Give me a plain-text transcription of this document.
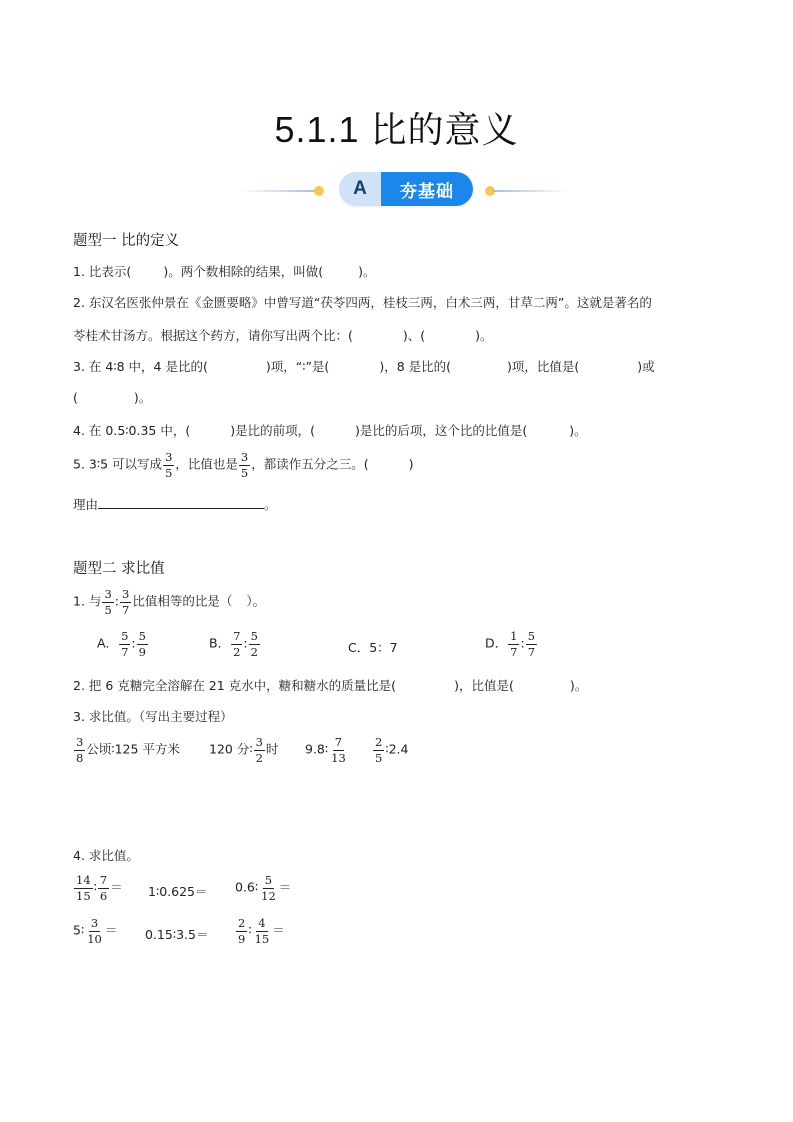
5.1.1 比的意义
A	夯基础
题型一 比的定义
1. 比表示(	)。两个数相除的结果，叫做(	)。
2. 东汉名医张仲景在《金匮要略》中曾写道“茯苓四两，桂枝三两，白术三两，甘草二两”。这就是著名的
苓桂术甘汤方。根据这个药方，请你写出两个比：(	)、(	)。
3. 在 4∶8 中，4 是比的(	)项，“∶”是(	)，8 是比的(	)项，比值是(	)或
(	)。
4. 在 0.5∶0.35 中，(	)是比的前项，(	)是比的后项，这个比的比值是(	)。
5. 3∶5 可以写成 $\frac{3}{5}$ ，比值也是 $\frac{3}{5}$ ，都读作五分之三。(	)
理由	。
题型二 求比值
1. 与 $\frac{3}{5}$ : $\frac{3}{7}$ 比值相等的比是（ ）。
A． $\frac{5}{7}$ : $\frac{5}{9}$	B． $\frac{7}{2}$ : $\frac{5}{2}$	C．5：7	D． $\frac{1}{7}$ : $\frac{5}{7}$
2. 把 6 克糖完全溶解在 21 克水中，糖和糖水的质量比是(	)，比值是(	)。
3. 求比值。（写出主要过程）
$\frac{3}{8}$ 公顷∶125 平方米 120 分∶ $\frac{3}{2}$ 时 9.8∶ $\frac{7}{13} \frac{2}{5}$ ∶2.4
4. 求比值。
$\frac{14}{15}$ ∶ $\frac{7}{6}$ ＝ 1∶0.625＝ 0.6∶ $\frac{5}{12}$ ＝
5∶ $\frac{3}{10}$ ＝ 0.15∶3.5＝ $\frac{2}{9}$ ∶ $\frac{4}{15}$ ＝
